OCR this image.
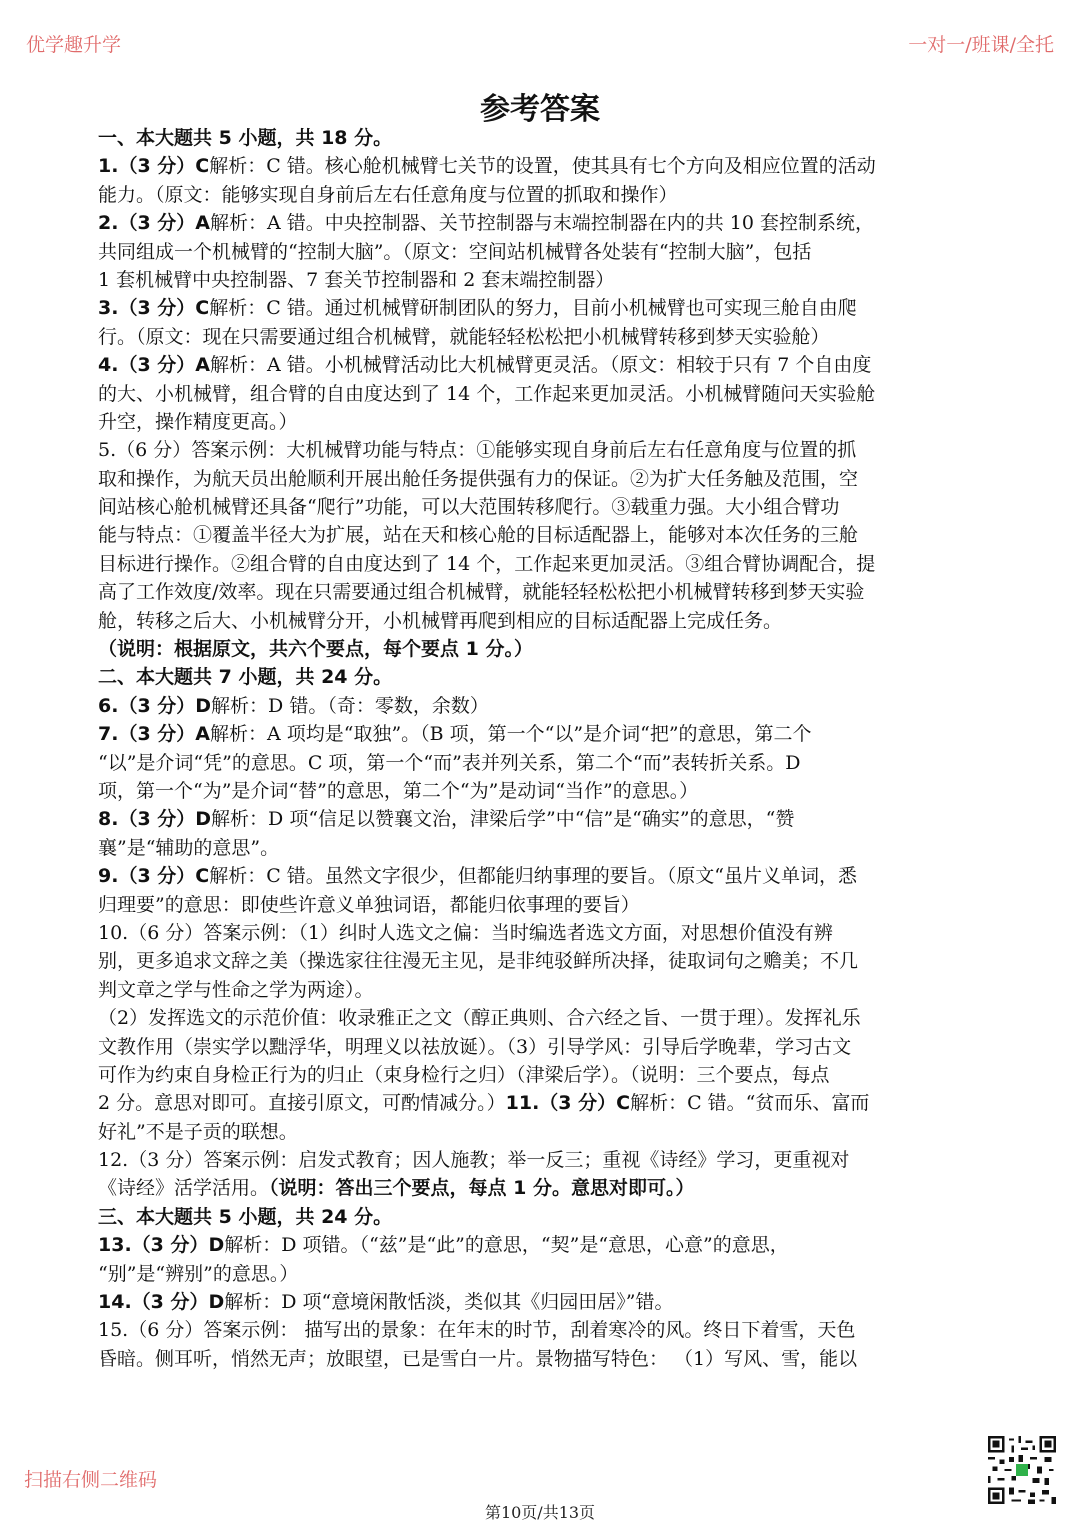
优学趣升学	一对一/班课/全托
参考答案
一、本大题共 5 小题，共 18 分。
1.（3 分）C解析：C 错。核心舱机械臂七关节的设置，使其具有七个方向及相应位置的活动
能力。（原文：能够实现自身前后左右任意角度与位置的抓取和操作）
2.（3 分）A解析：A 错。中央控制器、关节控制器与末端控制器在内的共 10 套控制系统，
共同组成一个机械臂的“控制大脑”。（原文：空间站机械臂各处装有“控制大脑”，包括
1 套机械臂中央控制器、7 套关节控制器和 2 套末端控制器）
3.（3 分）C解析：C 错。通过机械臂研制团队的努力，目前小机械臂也可实现三舱自由爬
行。（原文：现在只需要通过组合机械臂，就能轻轻松松把小机械臂转移到梦天实验舱）
4.（3 分）A解析：A 错。小机械臂活动比大机械臂更灵活。（原文：相较于只有 7 个自由度
的大、小机械臂，组合臂的自由度达到了 14 个，工作起来更加灵活。小机械臂随问天实验舱
升空，操作精度更高。）
5.（6 分）答案示例：大机械臂功能与特点：①能够实现自身前后左右任意角度与位置的抓
取和操作，为航天员出舱顺利开展出舱任务提供强有力的保证。②为扩大任务触及范围，空
间站核心舱机械臂还具备“爬行”功能，可以大范围转移爬行。③载重力强。大小组合臂功
能与特点：①覆盖半径大为扩展，站在天和核心舱的目标适配器上，能够对本次任务的三舱
目标进行操作。②组合臂的自由度达到了 14 个，工作起来更加灵活。③组合臂协调配合，提
高了工作效度/效率。现在只需要通过组合机械臂，就能轻轻松松把小机械臂转移到梦天实验
舱，转移之后大、小机械臂分开，小机械臂再爬到相应的目标适配器上完成任务。
（说明：根据原文，共六个要点，每个要点 1 分。）
二、本大题共 7 小题，共 24 分。
6.（3 分）D解析：D 错。（奇：零数，余数）
7.（3 分）A解析：A 项均是“取独”。（B 项，第一个“以”是介词“把”的意思，第二个
“以”是介词“凭”的意思。C 项，第一个“而”表并列关系，第二个“而”表转折关系。D
项，第一个“为”是介词“替”的意思，第二个“为”是动词“当作”的意思。）
8.（3 分）D解析：D 项“信足以赞襄文治，津梁后学”中“信”是“确实”的意思，“赞
襄”是“辅助的意思”。
9.（3 分）C解析：C 错。虽然文字很少，但都能归纳事理的要旨。（原文“虽片义单词，悉
归理要”的意思：即使些许意义单独词语，都能归依事理的要旨）
10.（6 分）答案示例：（1）纠时人选文之偏：当时编选者选文方面，对思想价值没有辨
别，更多追求文辞之美（操选家往往漫无主见，是非纯驳鲜所决择，徒取词句之赡美；不几
判文章之学与性命之学为两途）。
（2）发挥选文的示范价值：收录雅正之文（醇正典则、合六经之旨、一贯于理）。发挥礼乐
文教作用（崇实学以黜浮华，明理义以祛放诞）。（3）引导学风：引导后学晚辈，学习古文
可作为约束自身检正行为的归止（束身检行之归）（津梁后学）。（说明：三个要点，每点
2 分。意思对即可。直接引原文，可酌情减分。）11.（3 分）C解析：C 错。“贫而乐、富而
好礼”不是子贡的联想。
12.（3 分）答案示例：启发式教育；因人施教；举一反三；重视《诗经》学习，更重视对
《诗经》活学活用。（说明：答出三个要点，每点 1 分。意思对即可。）
三、本大题共 5 小题，共 24 分。
13.（3 分）D解析：D 项错。（“兹”是“此”的意思，“契”是“意思，心意”的意思，
“别”是“辨别”的意思。）
14.（3 分）D解析：D 项“意境闲散恬淡，类似其《归园田居》”错。
15.（6 分）答案示例： 描写出的景象：在年末的时节，刮着寒冷的风。终日下着雪，天色
昏暗。侧耳听，悄然无声；放眼望，已是雪白一片。景物描写特色： （1）写风、雪，能以
扫描右侧二维码
第10页/共13页
